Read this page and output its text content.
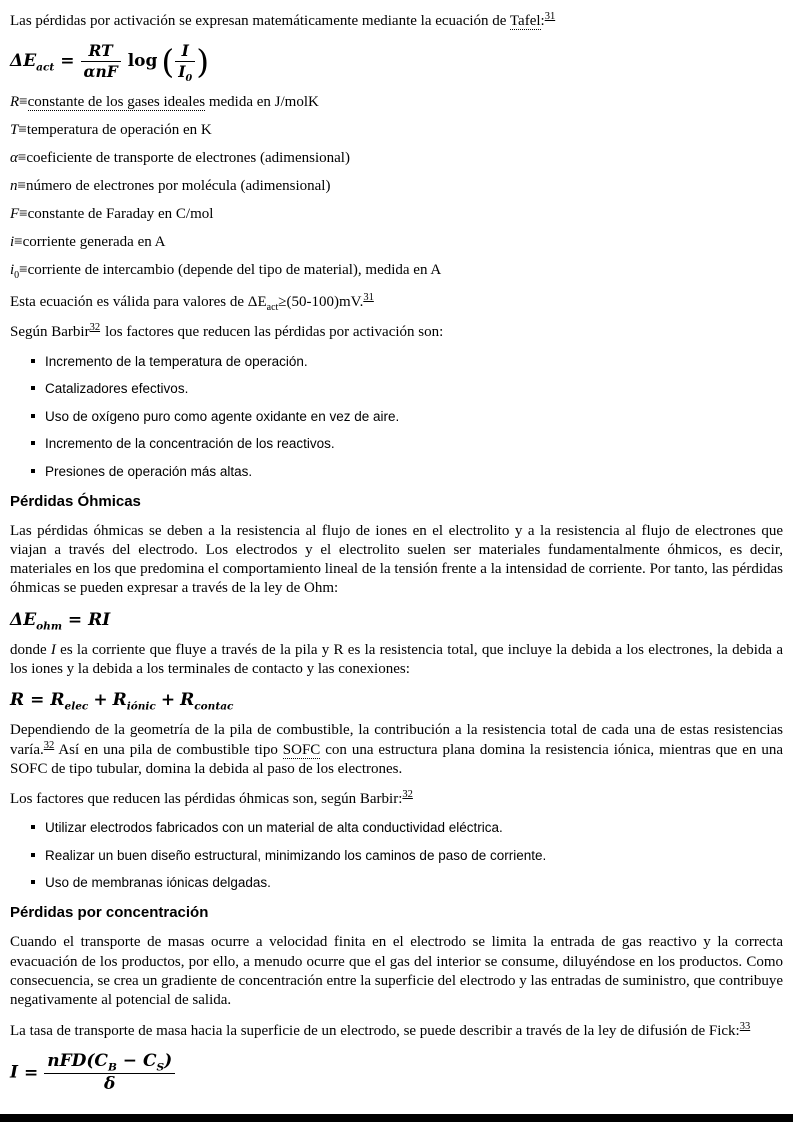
Las pérdidas por activación se expresan matemáticamente mediante la ecuación de Tafel:$^{31}$

$\Delta E_{act} = \frac{RT}{\text{αnF}}$ log ( $\frac{I}{I_0}$ )

R≡constante de los gases ideales medida en J/molK

T≡temperatura de operación en K

α≡coeficiente de transporte de electrones (adimensional)

n≡número de electrones por molécula (adimensional)

F≡constante de Faraday en C/mol

i≡corriente generada en A

$i_0\equiv corriente$ de intercambio (depende del tipo de material), medida en A

Esta ecuación es válida para valores de $\Delta E_{act}\ge(50-100)mV.^{31}$

Según Barbir$^{32}$ los factores que reducen las pérdidas por activación son:

Incremento de la temperatura de operación.
Catalizadores efectivos.
Uso de oxígeno puro como agente oxidante en vez de aire.
Incremento de la concentración de los reactivos.
Presiones de operación más altas.
Pérdidas Óhmicas

Las pérdidas óhmicas se deben a la resistencia al flujo de iones en el electrolito y a la resistencia al flujo de electrones que viajan a través del electrodo. Los electrodos y el electrolito suelen ser materiales fundamentalmente óhmicos, es decir, materiales en los que predomina el comportamiento lineal de la tensión frente a la intensidad de corriente. Por tanto, las pérdidas óhmicas se pueden expresar a través de la ley de Ohm:

$\Delta E_{ohm}$ = RI

donde I es la corriente que fluye a través de la pila y R es la resistencia total, que incluye la debida a los electrones, la debida a los iones y la debida a los terminales de contacto y las conexiones:

$R = R_{elec} + R_{iónic} + R_{contac}$

Dependiendo de la geometría de la pila de combustible, la contribución a la resistencia total de cada una de estas resistencias varía.$^{32}$ Así en una pila de combustible tipo SOFC con una estructura plana domina la resistencia iónica, mientras que en una SOFC de tipo tubular, domina la debida al paso de los electrones.

Los factores que reducen las pérdidas óhmicas son, según Barbir:$^{32}$

Utilizar electrodos fabricados con un material de alta conductividad eléctrica.
Realizar un buen diseño estructural, minimizando los caminos de paso de corriente.
Uso de membranas iónicas delgadas.
Pérdidas por concentración

Cuando el transporte de masas ocurre a velocidad finita en el electrodo se limita la entrada de gas reactivo y la correcta evacuación de los productos, por ello, a menudo ocurre que el gas del interior se consume, diluyéndose en los productos. Como consecuencia, se crea un gradiente de concentración entre la superficie del electrodo y las entradas de suministro, que contribuye negativamente al potencial de salida.

La tasa de transporte de masa hacia la superficie de un electrodo, se puede describir a través de la ley de difusión de Fick:$^{33}$

$I = \frac{nFD(C_B - C_S)}{\delta}$
